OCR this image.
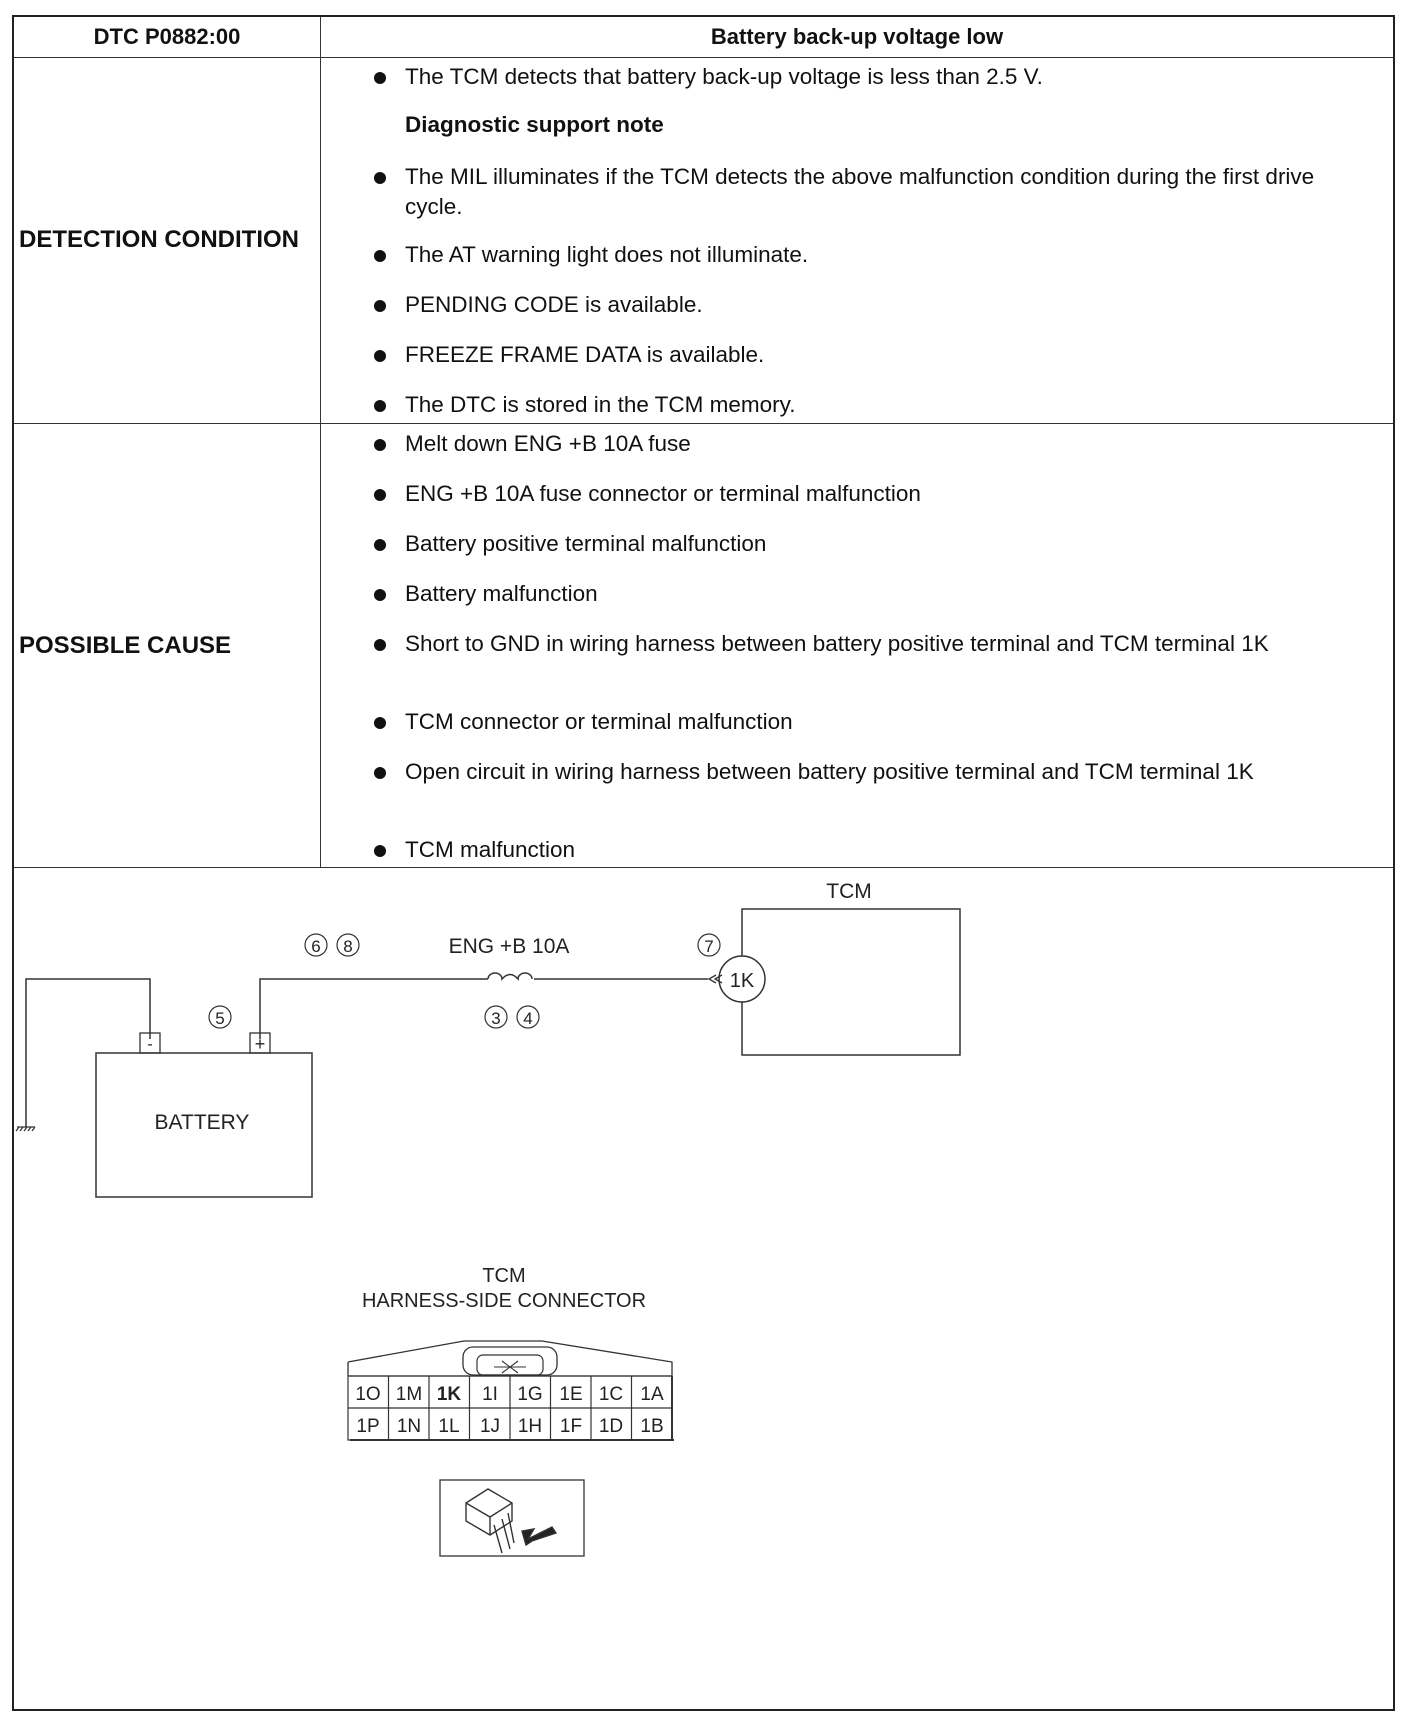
DTC P0882:00	Battery back-up voltage low
DETECTION CONDITION
Diagnostic support note
The TCM detects that battery back-up voltage is less than 2.5 V.
The MIL illuminates if the TCM detects the above malfunction condition during the first drive cycle.
The AT warning light does not illuminate.
PENDING CODE is available.
FREEZE FRAME DATA is available.
The DTC is stored in the TCM memory.
POSSIBLE CAUSE
Melt down ENG +B 10A fuse
ENG +B 10A fuse connector or terminal malfunction
Battery positive terminal malfunction
Battery malfunction
Short to GND in wiring harness between battery positive terminal and TCM terminal 1K
TCM connector or terminal malfunction
Open circuit in wiring harness between battery positive terminal and TCM terminal 1K
TCM malfunction
TCM
1K
ENG +B 10A
-	+
BATTERY
6 8
3 4
5
7
TCM
HARNESS-SIDE CONNECTOR
1O 1M 1K 1I 1G 1E 1C 1A
1P 1N 1L 1J 1H 1F 1D 1B
